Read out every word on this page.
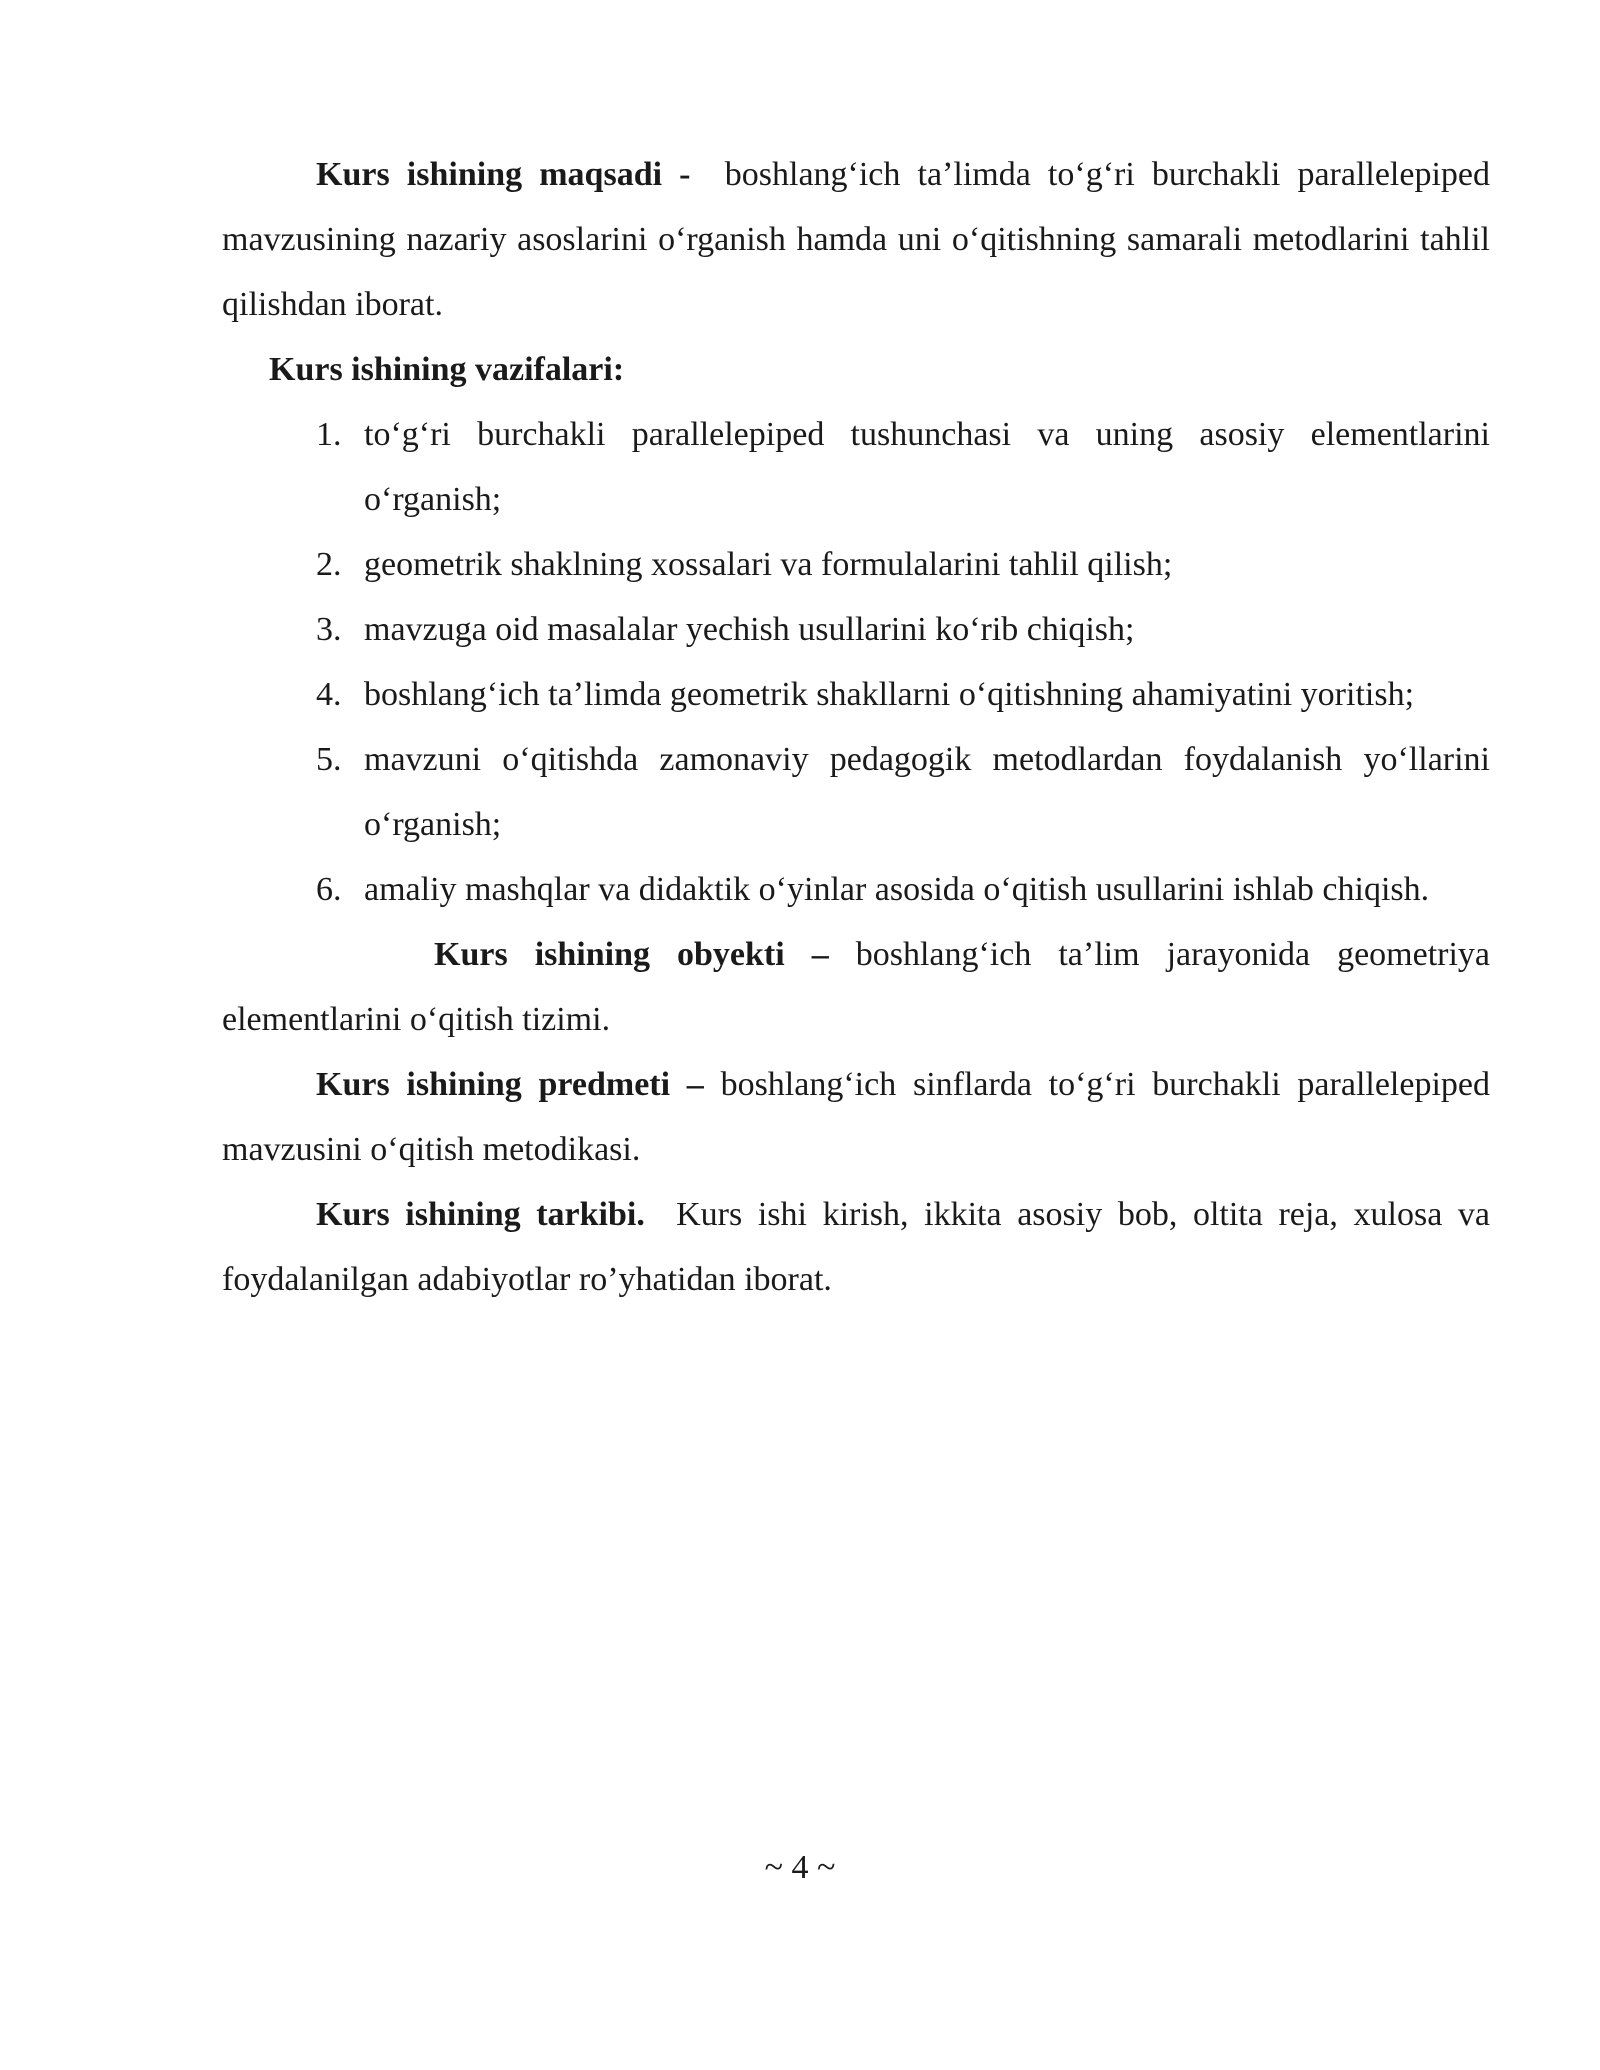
Kurs ishining maqsadi - boshlangʻich taʼlimda toʻgʻri burchakli parallelepiped mavzusining nazariy asoslarini oʻrganish hamda uni oʻqitishning samarali metodlarini tahlil qilishdan iborat.

Kurs ishining vazifalari:

1. toʻgʻri burchakli parallelepiped tushunchasi va uning asosiy elementlarini oʻrganish;
2. geometrik shaklning xossalari va formulalarini tahlil qilish;
3. mavzuga oid masalalar yechish usullarini koʻrib chiqish;
4. boshlangʻich taʼlimda geometrik shakllarni oʻqitishning ahamiyatini yoritish;
5. mavzuni oʻqitishda zamonaviy pedagogik metodlardan foydalanish yoʻllarini oʻrganish;
6. amaliy mashqlar va didaktik oʻyinlar asosida oʻqitish usullarini ishlab chiqish.

Kurs ishining obyekti – boshlangʻich taʼlim jarayonida geometriya elementlarini oʻqitish tizimi.

Kurs ishining predmeti – boshlangʻich sinflarda toʻgʻri burchakli parallelepiped mavzusini oʻqitish metodikasi.

Kurs ishining tarkibi. Kurs ishi kirish, ikkita asosiy bob, oltita reja, xulosa va foydalanilgan adabiyotlar ro’yhatidan iborat.

~ 4 ~
